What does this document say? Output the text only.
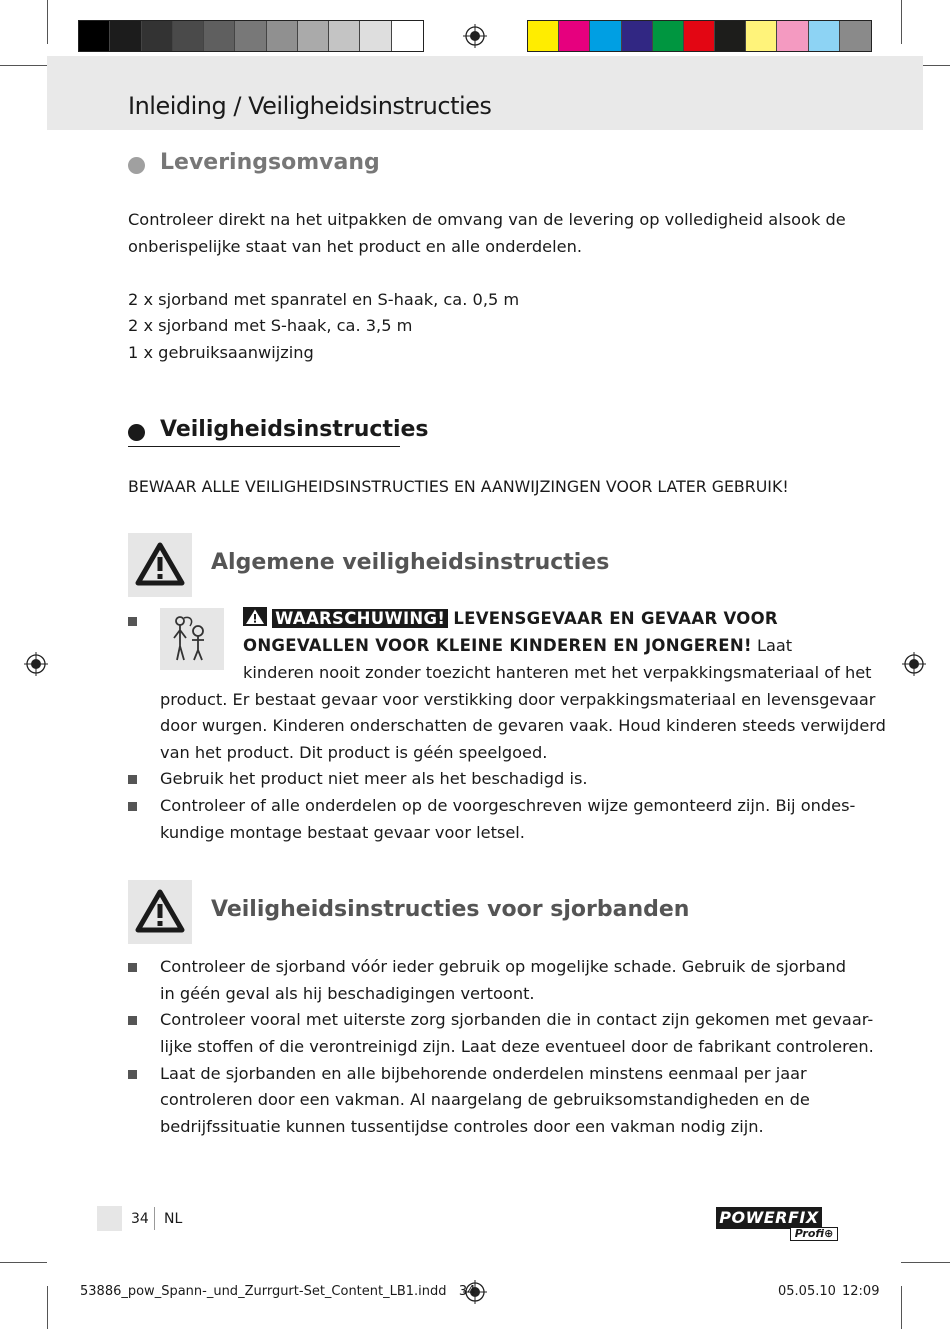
Inleiding / Veiligheidsinstructies
Leveringsomvang
Controleer direkt na het uitpakken de omvang van de levering op volledigheid alsook de
onberispelijke staat van het product en alle onderdelen.
2 x sjorband met spanratel en S-haak, ca. 0,5 m
2 x sjorband met S-haak, ca. 3,5 m
1 x gebruiksaanwijzing
Veiligheidsinstructies
BEWAAR ALLE VEILIGHEIDSINSTRUCTIES EN AANWIJZINGEN VOOR LATER GEBRUIK!
Algemene veiligheidsinstructies
WAARSCHUWING! LEVENSGEVAAR EN GEVAAR VOOR
ONGEVALLEN VOOR KLEINE KINDEREN EN JONGEREN! Laat
kinderen nooit zonder toezicht hanteren met het verpakkingsmateriaal of het
product. Er bestaat gevaar voor verstikking door verpakkingsmateriaal en levensgevaar
door wurgen. Kinderen onderschatten de gevaren vaak. Houd kinderen steeds verwijderd
van het product. Dit product is géén speelgoed.
Gebruik het product niet meer als het beschadigd is.
Controleer of alle onderdelen op de voorgeschreven wijze gemonteerd zijn. Bij ondes-
kundige montage bestaat gevaar voor letsel.
Veiligheidsinstructies voor sjorbanden
Controleer de sjorband vóór ieder gebruik op mogelijke schade. Gebruik de sjorband
in géén geval als hij beschadigingen vertoont.
Controleer vooral met uiterste zorg sjorbanden die in contact zijn gekomen met gevaar-
lijke stoffen of die verontreinigd zijn. Laat deze eventueel door de fabrikant controleren.
Laat de sjorbanden en alle bijbehorende onderdelen minstens eenmaal per jaar
controleren door een vakman. Al naargelang de gebruiksomstandigheden en de
bedrijfssituatie kunnen tussentijdse controles door een vakman nodig zijn.
34 NL	POWERFIX
Profi⊕
53886_pow_Spann-_und_Zurrgurt-Set_Content_LB1.indd   34	05.05.10 12:09
